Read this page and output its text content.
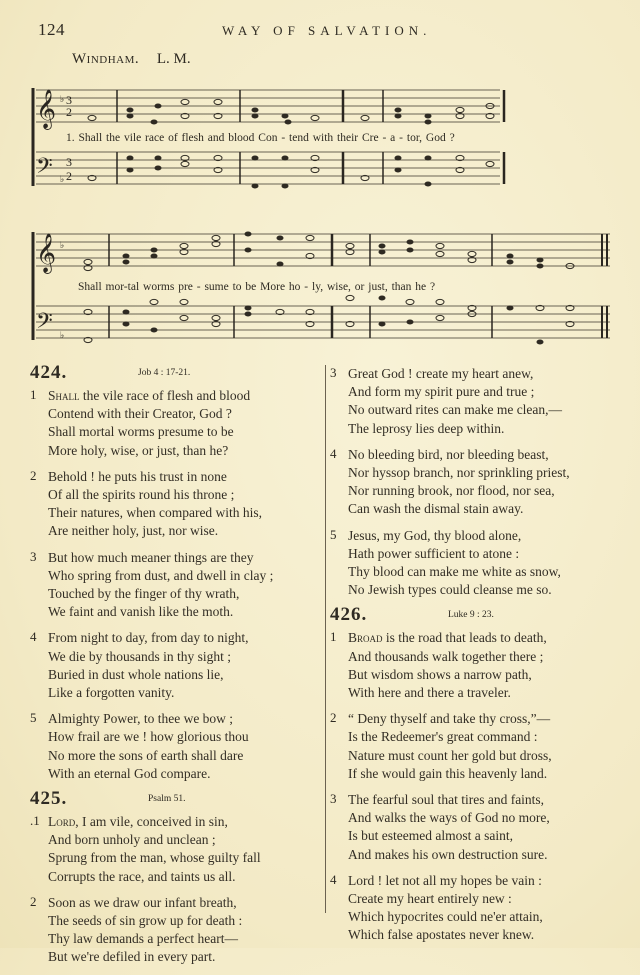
124	WAY OF SALVATION.
Windham. L. M.
𝄞
𝄢
♭ 3
2
♭
3
2
1. Shall the vile race of flesh and blood Con - tend with their Cre - a - tor, God ?
𝄞
𝄢
♭
♭
Shall mor-tal worms pre - sume to be More ho - ly, wise, or just, than he ?
424.	Job 4 : 17-21.
1 Shall the vile race of flesh and blood
Contend with their Creator, God ?
Shall mortal worms presume to be
More holy, wise, or just, than he?
2 Behold ! he puts his trust in none
Of all the spirits round his throne ;
Their natures, when compared with his,
Are neither holy, just, nor wise.
3 But how much meaner things are they
Who spring from dust, and dwell in clay ;
Touched by the finger of thy wrath,
We faint and vanish like the moth.
4 From night to day, from day to night,
We die by thousands in thy sight ;
Buried in dust whole nations lie,
Like a forgotten vanity.
5 Almighty Power, to thee we bow ;
How frail are we ! how glorious thou
No more the sons of earth shall dare
With an eternal God compare.
425.	Psalm 51.
.1 Lord, I am vile, conceived in sin,
And born unholy and unclean ;
Sprung from the man, whose guilty fall
Corrupts the race, and taints us all.
2 Soon as we draw our infant breath,
The seeds of sin grow up for death :
Thy law demands a perfect heart—
But we're defiled in every part.
3 Great God ! create my heart anew,
And form my spirit pure and true ;
No outward rites can make me clean,—
The leprosy lies deep within.
4 No bleeding bird, nor bleeding beast,
Nor hyssop branch, nor sprinkling priest,
Nor running brook, nor flood, nor sea,
Can wash the dismal stain away.
5 Jesus, my God, thy blood alone,
Hath power sufficient to atone :
Thy blood can make me white as snow,
No Jewish types could cleanse me so.
426.	Luke 9 : 23.
1 Broad is the road that leads to death,
And thousands walk together there ;
But wisdom shows a narrow path,
With here and there a traveler.
2 “ Deny thyself and take thy cross,”—
Is the Redeemer's great command :
Nature must count her gold but dross,
If she would gain this heavenly land.
3 The fearful soul that tires and faints,
And walks the ways of God no more,
Is but esteemed almost a saint,
And makes his own destruction sure.
4 Lord ! let not all my hopes be vain :
Create my heart entirely new :
Which hypocrites could ne'er attain,
Which false apostates never knew.
